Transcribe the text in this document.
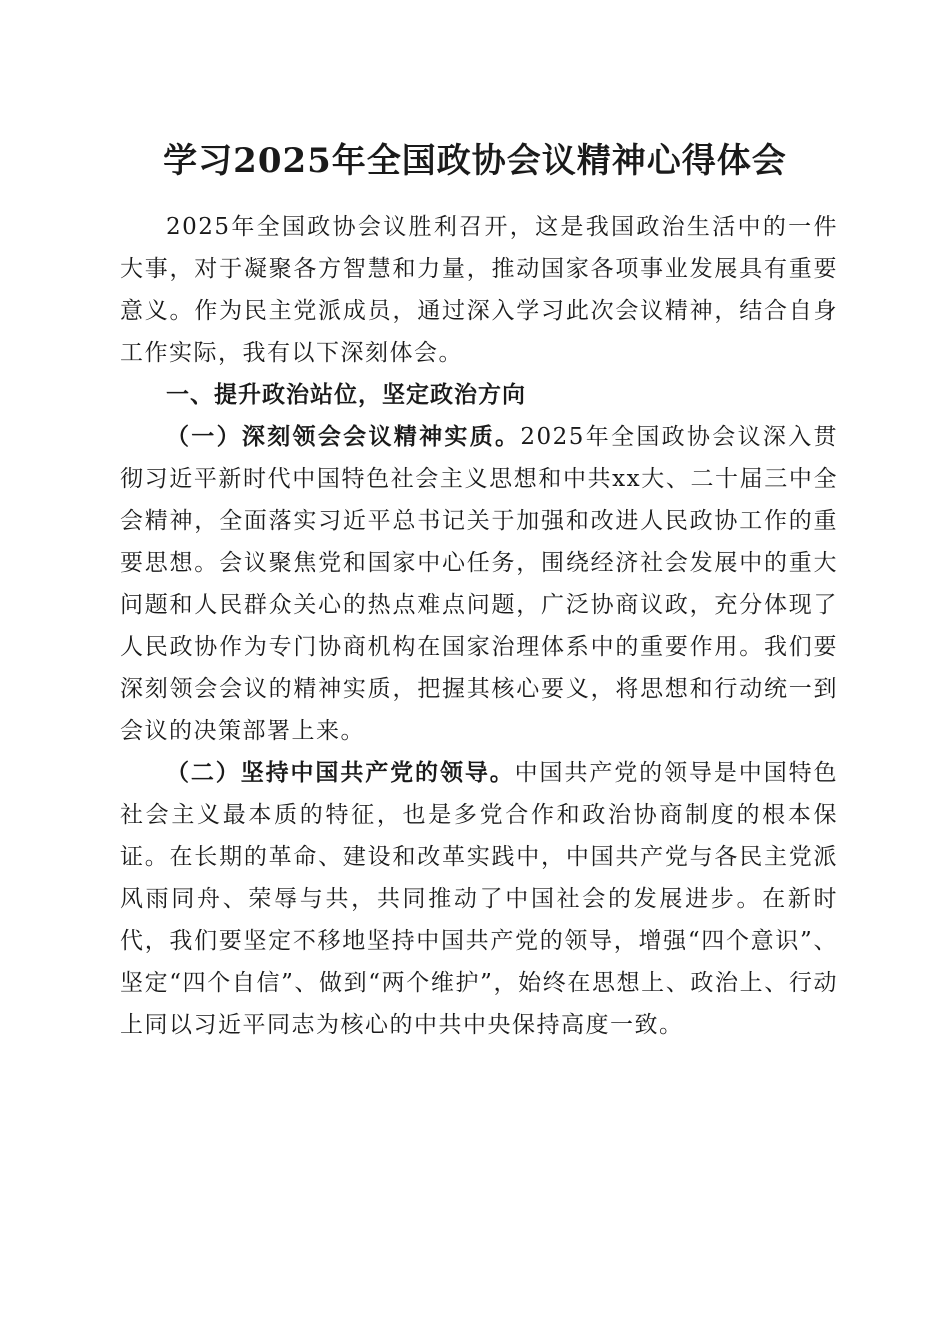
学习2025年全国政协会议精神心得体会

2025年全国政协会议胜利召开，这是我国政治生活中的一件大事，对于凝聚各方智慧和力量，推动国家各项事业发展具有重要意义。作为民主党派成员，通过深入学习此次会议精神，结合自身工作实际，我有以下深刻体会。

一、提升政治站位，坚定政治方向

（一）深刻领会会议精神实质。2025年全国政协会议深入贯彻习近平新时代中国特色社会主义思想和中共xx大、二十届三中全会精神，全面落实习近平总书记关于加强和改进人民政协工作的重要思想。会议聚焦党和国家中心任务，围绕经济社会发展中的重大问题和人民群众关心的热点难点问题，广泛协商议政，充分体现了人民政协作为专门协商机构在国家治理体系中的重要作用。我们要深刻领会会议的精神实质，把握其核心要义，将思想和行动统一到会议的决策部署上来。

（二）坚持中国共产党的领导。中国共产党的领导是中国特色社会主义最本质的特征，也是多党合作和政治协商制度的根本保证。在长期的革命、建设和改革实践中，中国共产党与各民主党派风雨同舟、荣辱与共，共同推动了中国社会的发展进步。在新时代，我们要坚定不移地坚持中国共产党的领导，增强“四个意识”、坚定“四个自信”、做到“两个维护”，始终在思想上、政治上、行动上同以习近平同志为核心的中共中央保持高度一致。
